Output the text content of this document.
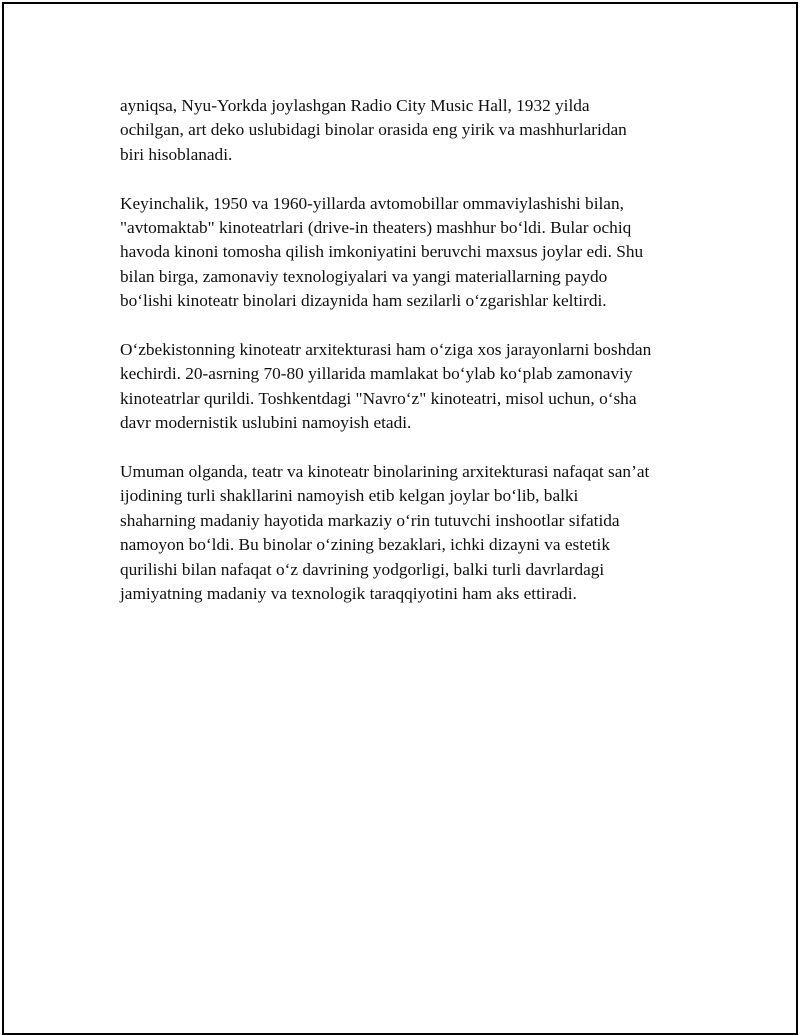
ayniqsa, Nyu-Yorkda joylashgan Radio City Music Hall, 1932 yilda
ochilgan, art deko uslubidagi binolar orasida eng yirik va mashhurlaridan
biri hisoblanadi.

Keyinchalik, 1950 va 1960-yillarda avtomobillar ommaviylashishi bilan,
"avtomaktab" kinoteatrlari (drive-in theaters) mashhur bo‘ldi. Bular ochiq
havoda kinoni tomosha qilish imkoniyatini beruvchi maxsus joylar edi. Shu
bilan birga, zamonaviy texnologiyalari va yangi materiallarning paydo
bo‘lishi kinoteatr binolari dizaynida ham sezilarli o‘zgarishlar keltirdi.

O‘zbekistonning kinoteatr arxitekturasi ham o‘ziga xos jarayonlarni boshdan
kechirdi. 20-asrning 70-80 yillarida mamlakat bo‘ylab ko‘plab zamonaviy
kinoteatrlar qurildi. Toshkentdagi "Navro‘z" kinoteatri, misol uchun, o‘sha
davr modernistik uslubini namoyish etadi.

Umuman olganda, teatr va kinoteatr binolarining arxitekturasi nafaqat san’at
ijodining turli shakllarini namoyish etib kelgan joylar bo‘lib, balki
shaharning madaniy hayotida markaziy o‘rin tutuvchi inshootlar sifatida
namoyon bo‘ldi. Bu binolar o‘zining bezaklari, ichki dizayni va estetik
qurilishi bilan nafaqat o‘z davrining yodgorligi, balki turli davrlardagi
jamiyatning madaniy va texnologik taraqqiyotini ham aks ettiradi.
